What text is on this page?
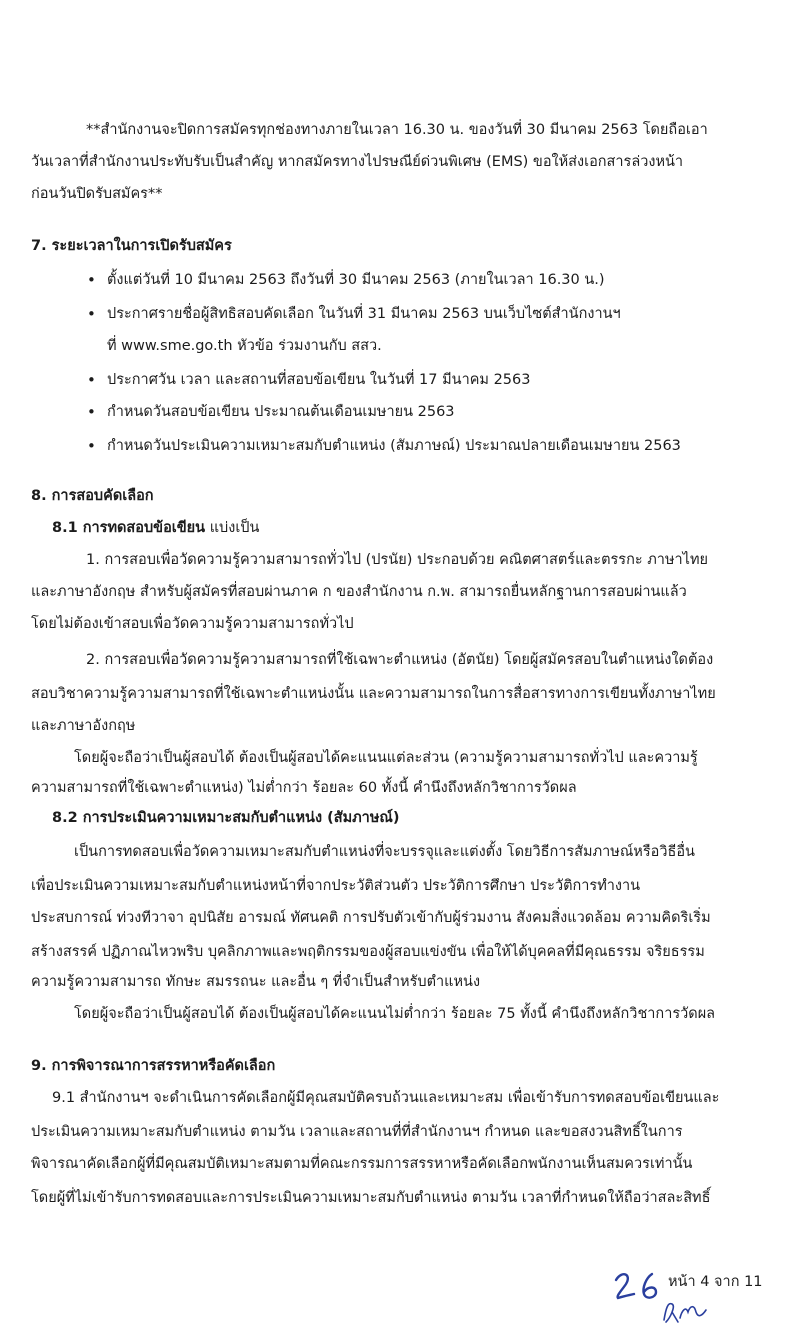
**สำนักงานจะปิดการสมัครทุกช่องทางภายในเวลา 16.30 น. ของวันที่ 30 มีนาคม 2563 โดยถือเอา
วันเวลาที่สำนักงานประทับรับเป็นสำคัญ หากสมัครทางไปรษณีย์ด่วนพิเศษ (EMS) ขอให้ส่งเอกสารล่วงหน้า
ก่อนวันปิดรับสมัคร**
7. ระยะเวลาในการเปิดรับสมัคร
• ตั้งแต่วันที่ 10 มีนาคม 2563 ถึงวันที่ 30 มีนาคม 2563 (ภายในเวลา 16.30 น.)
• ประกาศรายชื่อผู้สิทธิสอบคัดเลือก ในวันที่ 31 มีนาคม 2563 บนเว็บไซต์สำนักงานฯ
ที่ www.sme.go.th หัวข้อ ร่วมงานกับ สสว.
• ประกาศวัน เวลา และสถานที่สอบข้อเขียน ในวันที่ 17 มีนาคม 2563
• กำหนดวันสอบข้อเขียน ประมาณต้นเดือนเมษายน 2563
• กำหนดวันประเมินความเหมาะสมกับตำแหน่ง (สัมภาษณ์) ประมาณปลายเดือนเมษายน 2563
8. การสอบคัดเลือก
8.1 การทดสอบข้อเขียน แบ่งเป็น
1. การสอบเพื่อวัดความรู้ความสามารถทั่วไป (ปรนัย) ประกอบด้วย คณิตศาสตร์และตรรกะ ภาษาไทย
และภาษาอังกฤษ สำหรับผู้สมัครที่สอบผ่านภาค ก ของสำนักงาน ก.พ. สามารถยื่นหลักฐานการสอบผ่านแล้ว
โดยไม่ต้องเข้าสอบเพื่อวัดความรู้ความสามารถทั่วไป
2. การสอบเพื่อวัดความรู้ความสามารถที่ใช้เฉพาะตำแหน่ง (อัตนัย) โดยผู้สมัครสอบในตำแหน่งใดต้อง
สอบวิชาความรู้ความสามารถที่ใช้เฉพาะตำแหน่งนั้น และความสามารถในการสื่อสารทางการเขียนทั้งภาษาไทย
และภาษาอังกฤษ
โดยผู้จะถือว่าเป็นผู้สอบได้ ต้องเป็นผู้สอบได้คะแนนแต่ละส่วน (ความรู้ความสามารถทั่วไป และความรู้
ความสามารถที่ใช้เฉพาะตำแหน่ง) ไม่ต่ำกว่า ร้อยละ 60 ทั้งนี้ คำนึงถึงหลักวิชาการวัดผล
8.2 การประเมินความเหมาะสมกับตำแหน่ง (สัมภาษณ์)
เป็นการทดสอบเพื่อวัดความเหมาะสมกับตำแหน่งที่จะบรรจุและแต่งตั้ง โดยวิธีการสัมภาษณ์หรือวิธีอื่น
เพื่อประเมินความเหมาะสมกับตำแหน่งหน้าที่จากประวัติส่วนตัว ประวัติการศึกษา ประวัติการทำงาน
ประสบการณ์ ท่วงทีวาจา อุปนิสัย อารมณ์ ทัศนคติ การปรับตัวเข้ากับผู้ร่วมงาน สังคมสิ่งแวดล้อม ความคิดริเริ่ม
สร้างสรรค์ ปฏิภาณไหวพริบ บุคลิกภาพและพฤติกรรมของผู้สอบแข่งขัน เพื่อให้ได้บุคคลที่มีคุณธรรม จริยธรรม
ความรู้ความสามารถ ทักษะ สมรรถนะ และอื่น ๆ ที่จำเป็นสำหรับตำแหน่ง
โดยผู้จะถือว่าเป็นผู้สอบได้ ต้องเป็นผู้สอบได้คะแนนไม่ต่ำกว่า ร้อยละ 75 ทั้งนี้ คำนึงถึงหลักวิชาการวัดผล
9. การพิจารณาการสรรหาหรือคัดเลือก
9.1 สำนักงานฯ จะดำเนินการคัดเลือกผู้มีคุณสมบัติครบถ้วนและเหมาะสม เพื่อเข้ารับการทดสอบข้อเขียนและ
ประเมินความเหมาะสมกับตำแหน่ง ตามวัน เวลาและสถานที่ที่สำนักงานฯ กำหนด และขอสงวนสิทธิ์ในการ
พิจารณาคัดเลือกผู้ที่มีคุณสมบัติเหมาะสมตามที่คณะกรรมการสรรหาหรือคัดเลือกพนักงานเห็นสมควรเท่านั้น
โดยผู้ที่ไม่เข้ารับการทดสอบและการประเมินความเหมาะสมกับตำแหน่ง ตามวัน เวลาที่กำหนดให้ถือว่าสละสิทธิ์
หน้า 4 จาก 11
